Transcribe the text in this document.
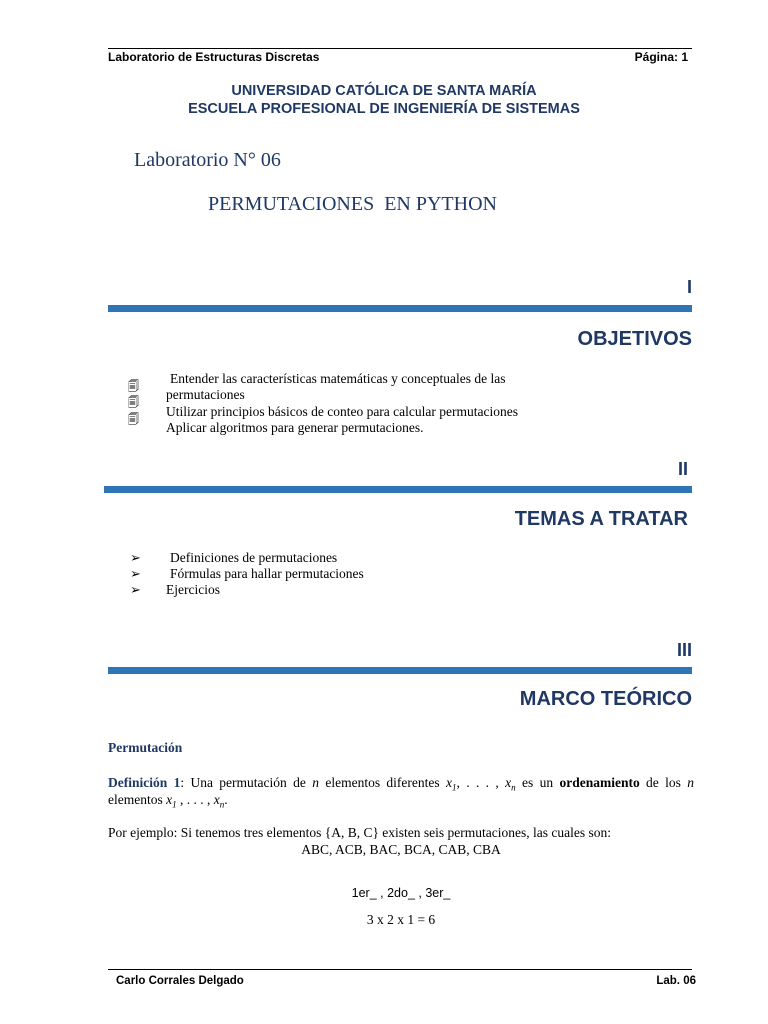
Laboratorio de Estructuras Discretas	Página: 1
UNIVERSIDAD CATÓLICA DE SANTA MARÍA
ESCUELA PROFESIONAL DE INGENIERÍA DE SISTEMAS
Laboratorio N° 06
PERMUTACIONES  EN PYTHON
I
OBJETIVOS
🗐
Entender las características matemáticas y conceptuales de las
🗐
permutaciones
🗐
Utilizar principios básicos de conteo para calcular permutaciones
Aplicar algoritmos para generar permutaciones.
II
TEMAS A TRATAR
➢ Definiciones de permutaciones
➢ Fórmulas para hallar permutaciones
➢ Ejercicios
III
MARCO TEÓRICO
Permutación
Definición 1: Una permutación de n elementos diferentes $x_1$, . . . , $x_n$ es un ordenamiento de los n
elementos $x_1$ , . . . , $x_n$.
Por ejemplo: Si tenemos tres elementos {A, B, C} existen seis permutaciones, las cuales son:
ABC, ACB, BAC, BCA, CAB, CBA
1er_ , 2do_ , 3er_
3 x 2 x 1 = 6
Carlo Corrales Delgado	Lab. 06
